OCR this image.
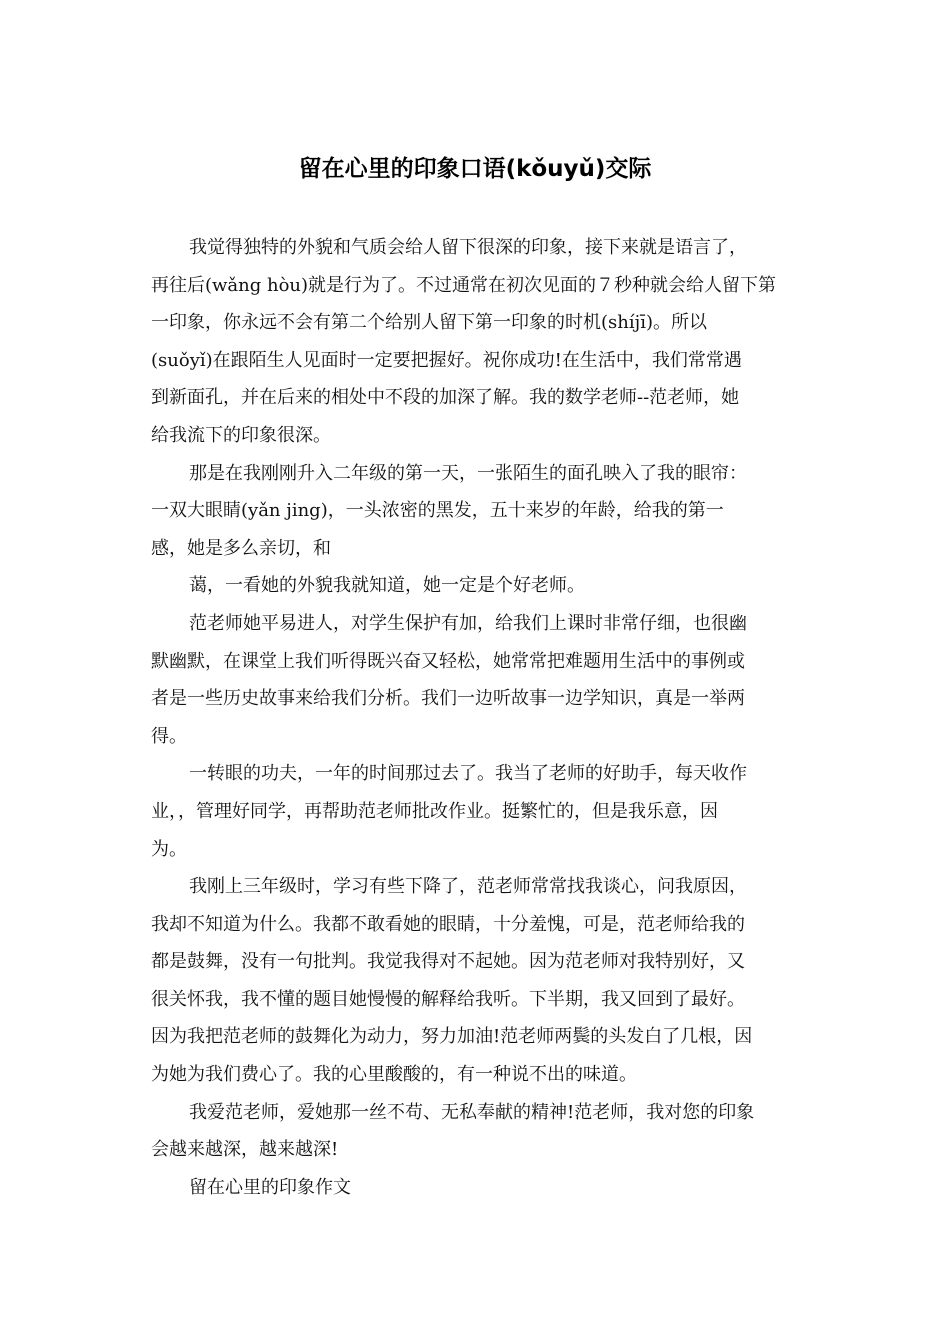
留在心里的印象口语(kǒuyǔ)交际
我觉得独特的外貌和气质会给人留下很深的印象，接下来就是语言了，
再往后(wǎng hòu)就是行为了。不过通常在初次见面的７秒种就会给人留下第
一印象，你永远不会有第二个给别人留下第一印象的时机(shíjī)。所以
(suǒyǐ)在跟陌生人见面时一定要把握好。祝你成功!在生活中，我们常常遇
到新面孔，并在后来的相处中不段的加深了解。我的数学老师--范老师，她
给我流下的印象很深。
那是在我刚刚升入二年级的第一天，一张陌生的面孔映入了我的眼帘：
一双大眼睛(yǎn jing)，一头浓密的黑发，五十来岁的年龄，给我的第一
感，她是多么亲切，和
蔼，一看她的外貌我就知道，她一定是个好老师。
范老师她平易进人，对学生保护有加，给我们上课时非常仔细，也很幽
默幽默，在课堂上我们听得既兴奋又轻松，她常常把难题用生活中的事例或
者是一些历史故事来给我们分析。我们一边听故事一边学知识，真是一举两
得。
一转眼的功夫，一年的时间那过去了。我当了老师的好助手，每天收作
业，，管理好同学，再帮助范老师批改作业。挺繁忙的，但是我乐意，因
为。
我刚上三年级时，学习有些下降了，范老师常常找我谈心，问我原因，
我却不知道为什么。我都不敢看她的眼睛，十分羞愧，可是，范老师给我的
都是鼓舞，没有一句批判。我觉我得对不起她。因为范老师对我特别好，又
很关怀我，我不懂的题目她慢慢的解释给我听。下半期，我又回到了最好。
因为我把范老师的鼓舞化为动力，努力加油!范老师两鬓的头发白了几根，因
为她为我们费心了。我的心里酸酸的，有一种说不出的味道。
我爱范老师，爱她那一丝不苟、无私奉献的精神!范老师，我对您的印象
会越来越深，越来越深!
留在心里的印象作文
